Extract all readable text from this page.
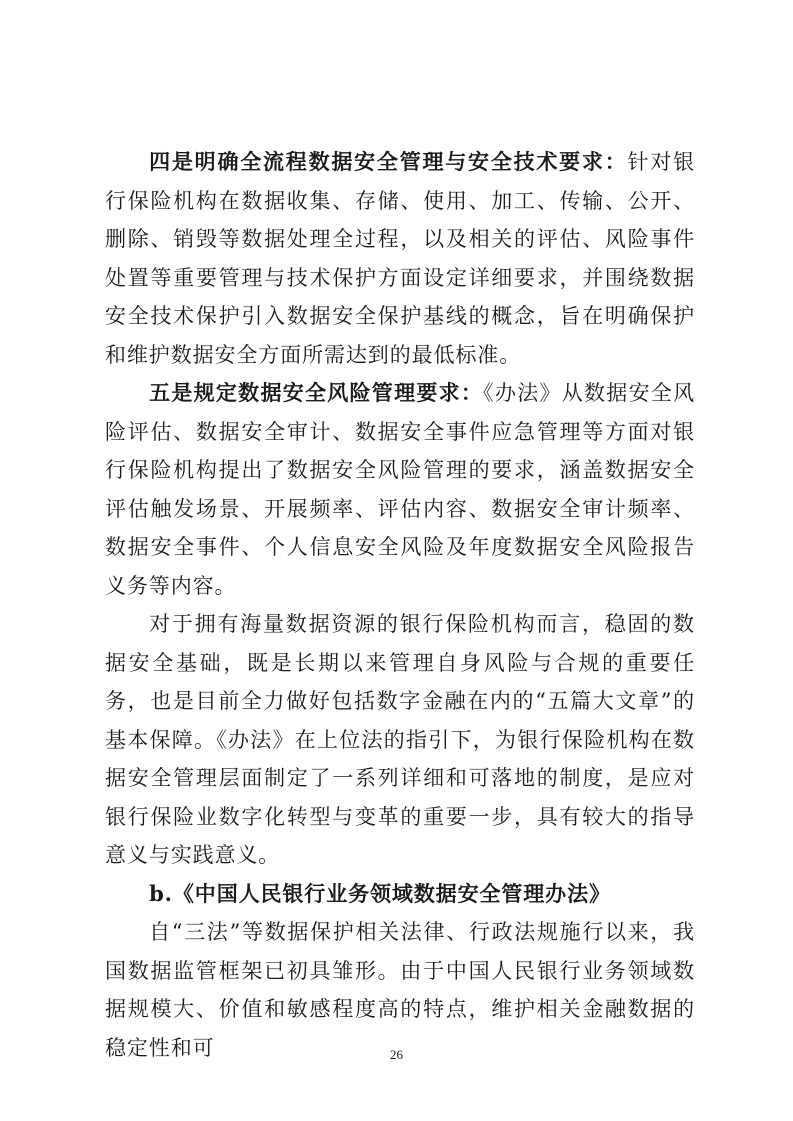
四是明确全流程数据安全管理与安全技术要求：针对银行保险机构在数据收集、存储、使用、加工、传输、公开、删除、销毁等数据处理全过程，以及相关的评估、风险事件处置等重要管理与技术保护方面设定详细要求，并围绕数据安全技术保护引入数据安全保护基线的概念，旨在明确保护和维护数据安全方面所需达到的最低标准。

五是规定数据安全风险管理要求：《办法》从数据安全风险评估、数据安全审计、数据安全事件应急管理等方面对银行保险机构提出了数据安全风险管理的要求，涵盖数据安全评估触发场景、开展频率、评估内容、数据安全审计频率、数据安全事件、个人信息安全风险及年度数据安全风险报告义务等内容。

对于拥有海量数据资源的银行保险机构而言，稳固的数据安全基础，既是长期以来管理自身风险与合规的重要任务，也是目前全力做好包括数字金融在内的“五篇大文章”的基本保障。《办法》在上位法的指引下，为银行保险机构在数据安全管理层面制定了一系列详细和可落地的制度，是应对银行保险业数字化转型与变革的重要一步，具有较大的指导意义与实践意义。

b.《中国人民银行业务领域数据安全管理办法》

自“三法”等数据保护相关法律、行政法规施行以来，我国数据监管框架已初具雏形。由于中国人民银行业务领域数据规模大、价值和敏感程度高的特点，维护相关金融数据的稳定性和可	26
